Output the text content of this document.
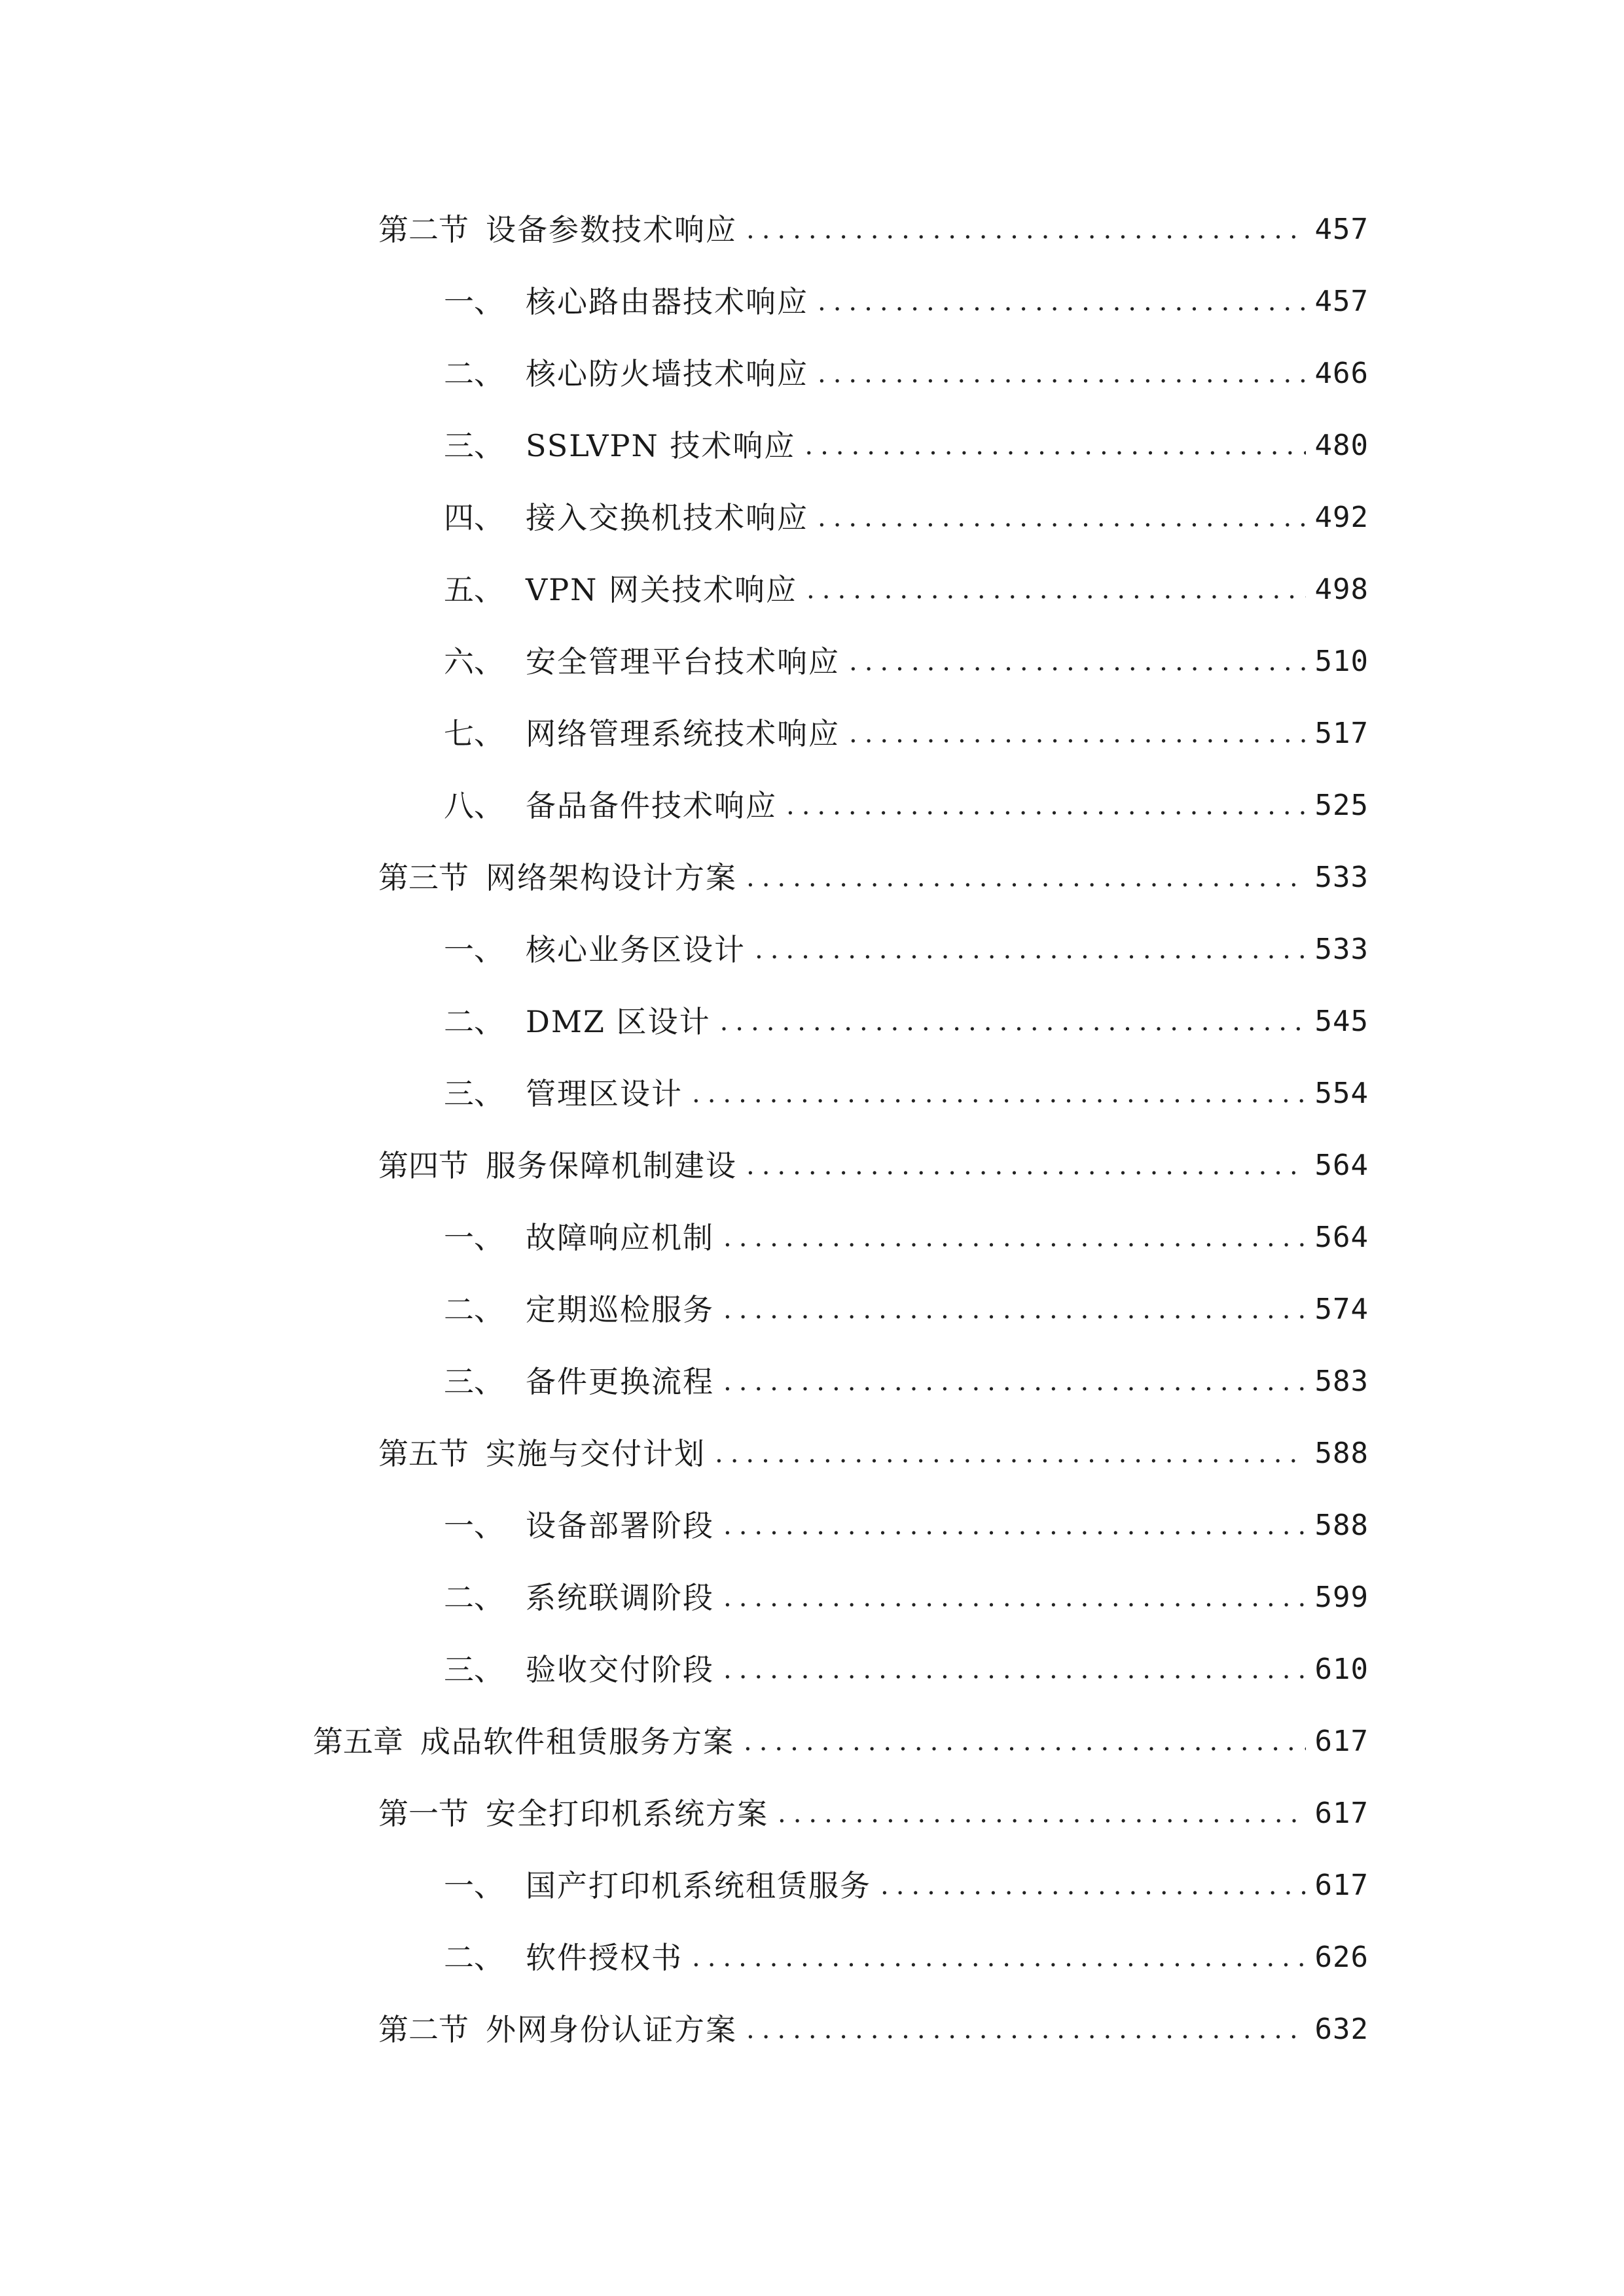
第二节 设备参数技术响应 .....	457
一、 核心路由器技术响应 .....	457
二、 核心防火墙技术响应 .....	466
三、 SSLVPN 技术响应 .....	480
四、 接入交换机技术响应 .....	492
五、 VPN 网关技术响应 .....	498
六、 安全管理平台技术响应 .....	510
七、 网络管理系统技术响应 .....	517
八、 备品备件技术响应 .....	525
第三节 网络架构设计方案 .....	533
一、 核心业务区设计 .....	533
二、 DMZ 区设计 .....	545
三、 管理区设计 .....	554
第四节 服务保障机制建设 .....	564
一、 故障响应机制 .....	564
二、 定期巡检服务 .....	574
三、 备件更换流程 .....	583
第五节 实施与交付计划 .....	588
一、 设备部署阶段 .....	588
二、 系统联调阶段 .....	599
三、 验收交付阶段 .....	610
第五章 成品软件租赁服务方案 .....	617
第一节 安全打印机系统方案 .....	617
一、 国产打印机系统租赁服务 .....	617
二、 软件授权书 .....	626
第二节 外网身份认证方案 .....	632
